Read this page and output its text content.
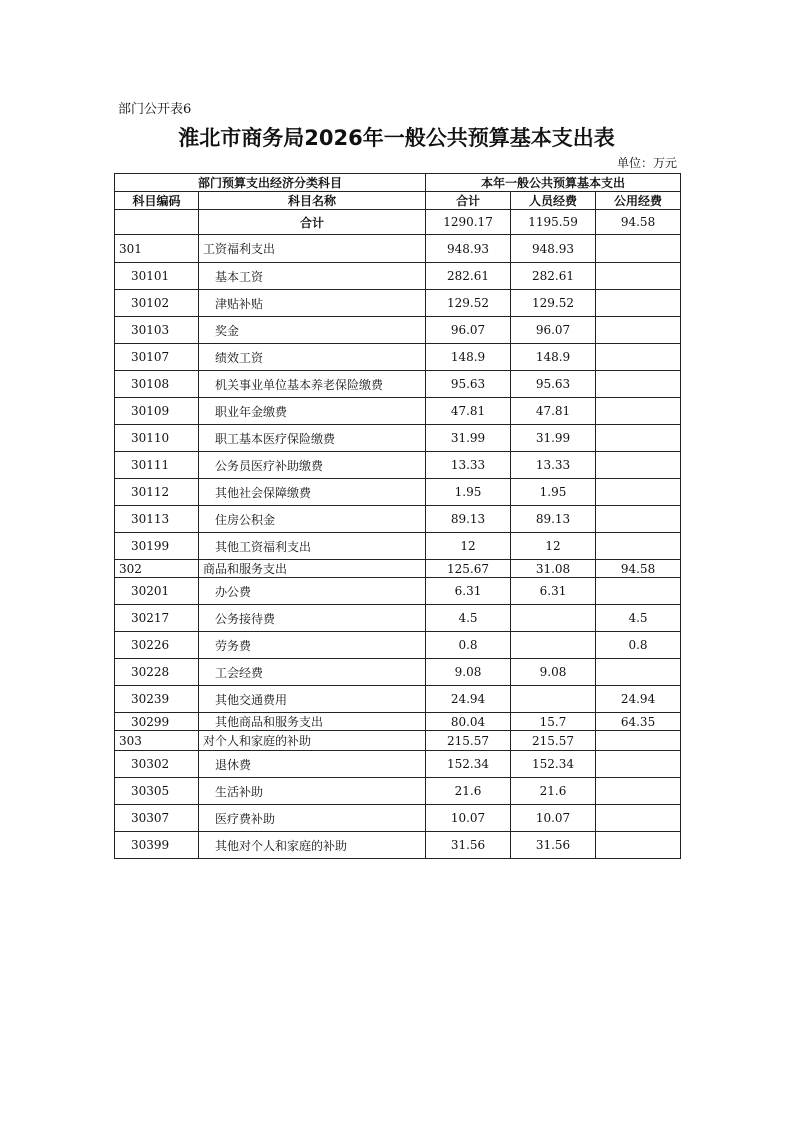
部门公开表6
淮北市商务局2026年一般公共预算基本支出表
单位：万元
部门预算支出经济分类科目		本年一般公共预算基本支出		
科目编码	科目名称	合计	人员经费	公用经费
	合计	1290.17	1195.59	94.58
301	工资福利支出	948.93	948.93	
30101	基本工资	282.61	282.61	
30102	津贴补贴	129.52	129.52	
30103	奖金	96.07	96.07	
30107	绩效工资	148.9	148.9	
30108	机关事业单位基本养老保险缴费	95.63	95.63	
30109	职业年金缴费	47.81	47.81	
30110	职工基本医疗保险缴费	31.99	31.99	
30111	公务员医疗补助缴费	13.33	13.33	
30112	其他社会保障缴费	1.95	1.95	
30113	住房公积金	89.13	89.13	
30199	其他工资福利支出	12	12	
302	商品和服务支出	125.67	31.08	94.58
30201	办公费	6.31	6.31	
30217	公务接待费	4.5		4.5
30226	劳务费	0.8		0.8
30228	工会经费	9.08	9.08	
30239	其他交通费用	24.94		24.94
30299	其他商品和服务支出	80.04	15.7	64.35
303	对个人和家庭的补助	215.57	215.57	
30302	退休费	152.34	152.34	
30305	生活补助	21.6	21.6	
30307	医疗费补助	10.07	10.07	
30399	其他对个人和家庭的补助	31.56	31.56	
